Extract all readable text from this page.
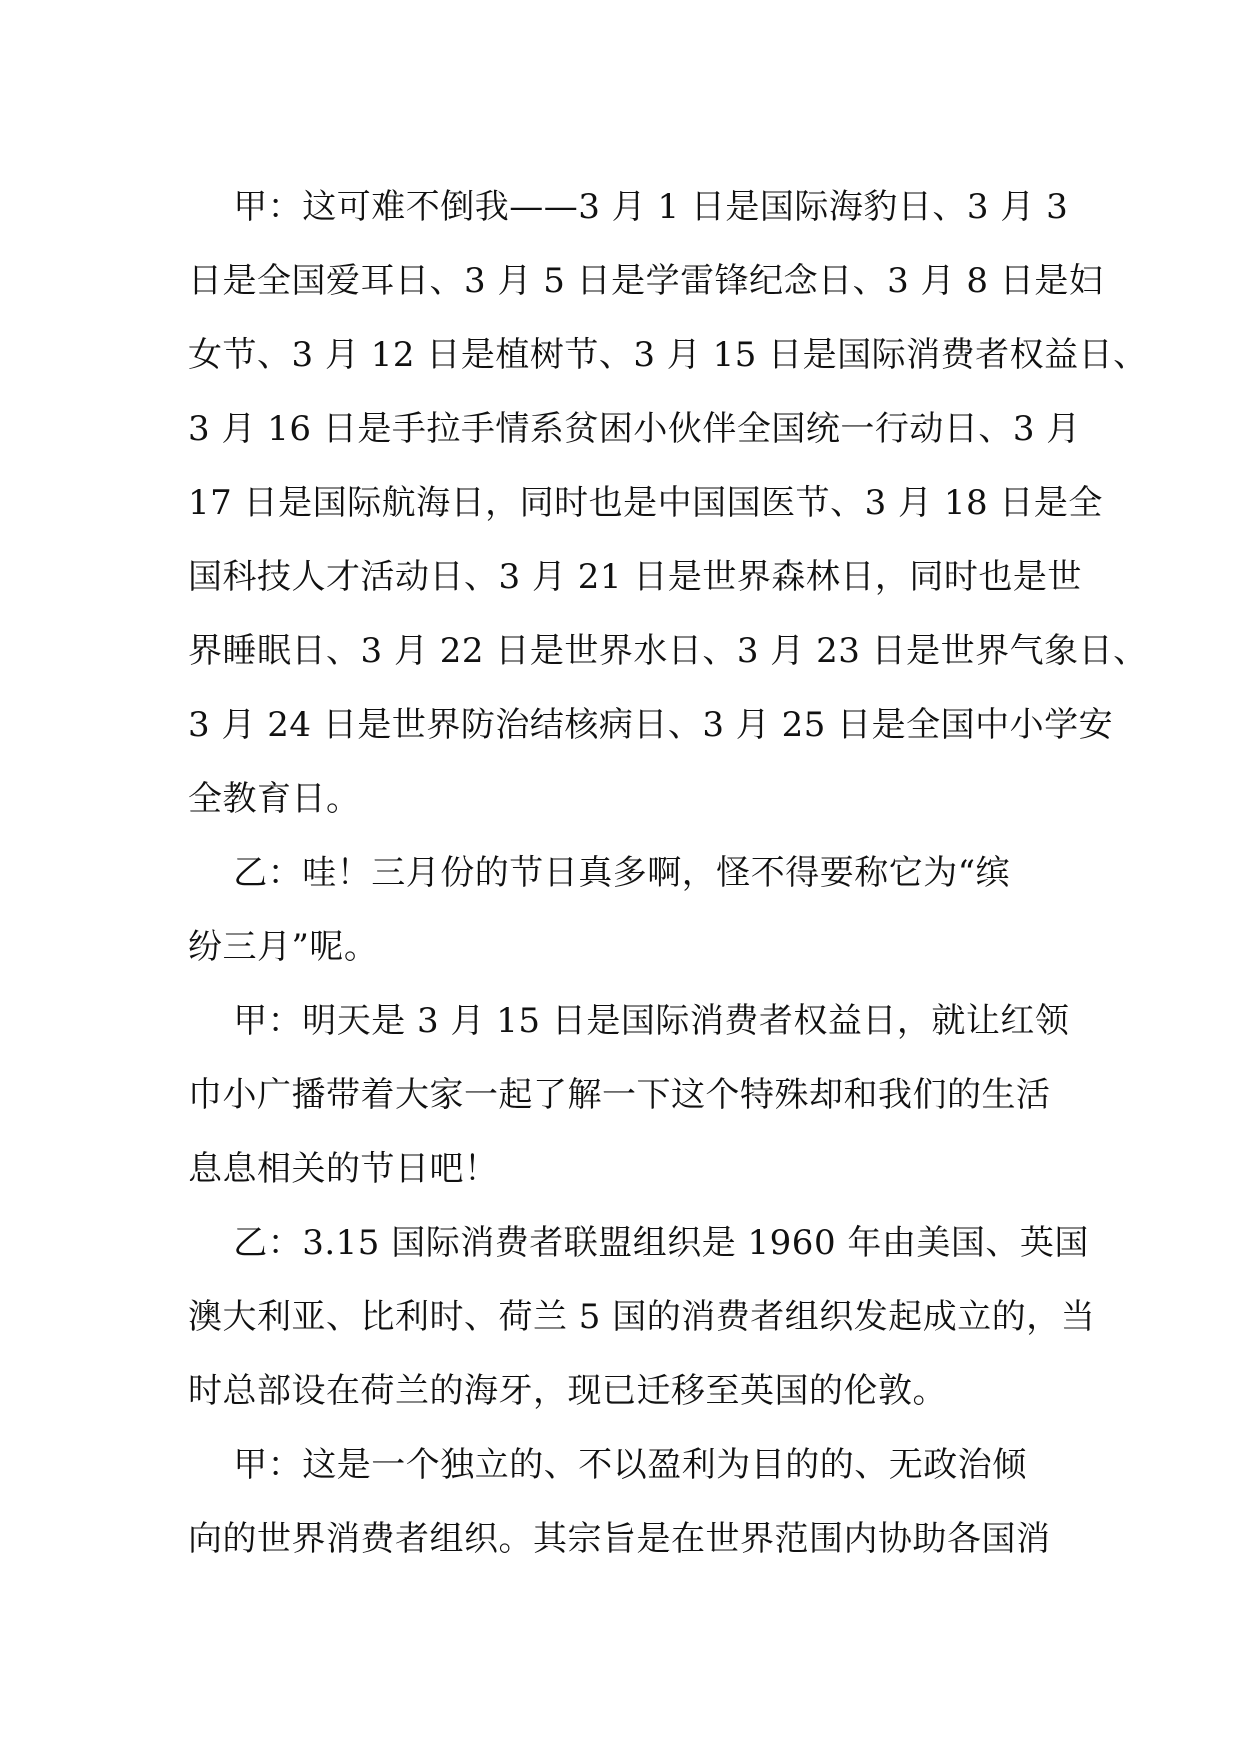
甲：这可难不倒我——3 月 1 日是国际海豹日、3 月 3
日是全国爱耳日、3 月 5 日是学雷锋纪念日、3 月 8 日是妇
女节、3 月 12 日是植树节、3 月 15 日是国际消费者权益日、
3 月 16 日是手拉手情系贫困小伙伴全国统一行动日、3 月
17 日是国际航海日，同时也是中国国医节、3 月 18 日是全
国科技人才活动日、3 月 21 日是世界森林日，同时也是世
界睡眠日、3 月 22 日是世界水日、3 月 23 日是世界气象日、
3 月 24 日是世界防治结核病日、3 月 25 日是全国中小学安
全教育日。
乙：哇！三月份的节日真多啊，怪不得要称它为“缤
纷三月”呢。
甲：明天是 3 月 15 日是国际消费者权益日，就让红领
巾小广播带着大家一起了解一下这个特殊却和我们的生活
息息相关的节日吧！
乙：3.15 国际消费者联盟组织是 1960 年由美国、英国
澳大利亚、比利时、荷兰 5 国的消费者组织发起成立的，当
时总部设在荷兰的海牙，现已迁移至英国的伦敦。
甲：这是一个独立的、不以盈利为目的的、无政治倾
向的世界消费者组织。其宗旨是在世界范围内协助各国消
